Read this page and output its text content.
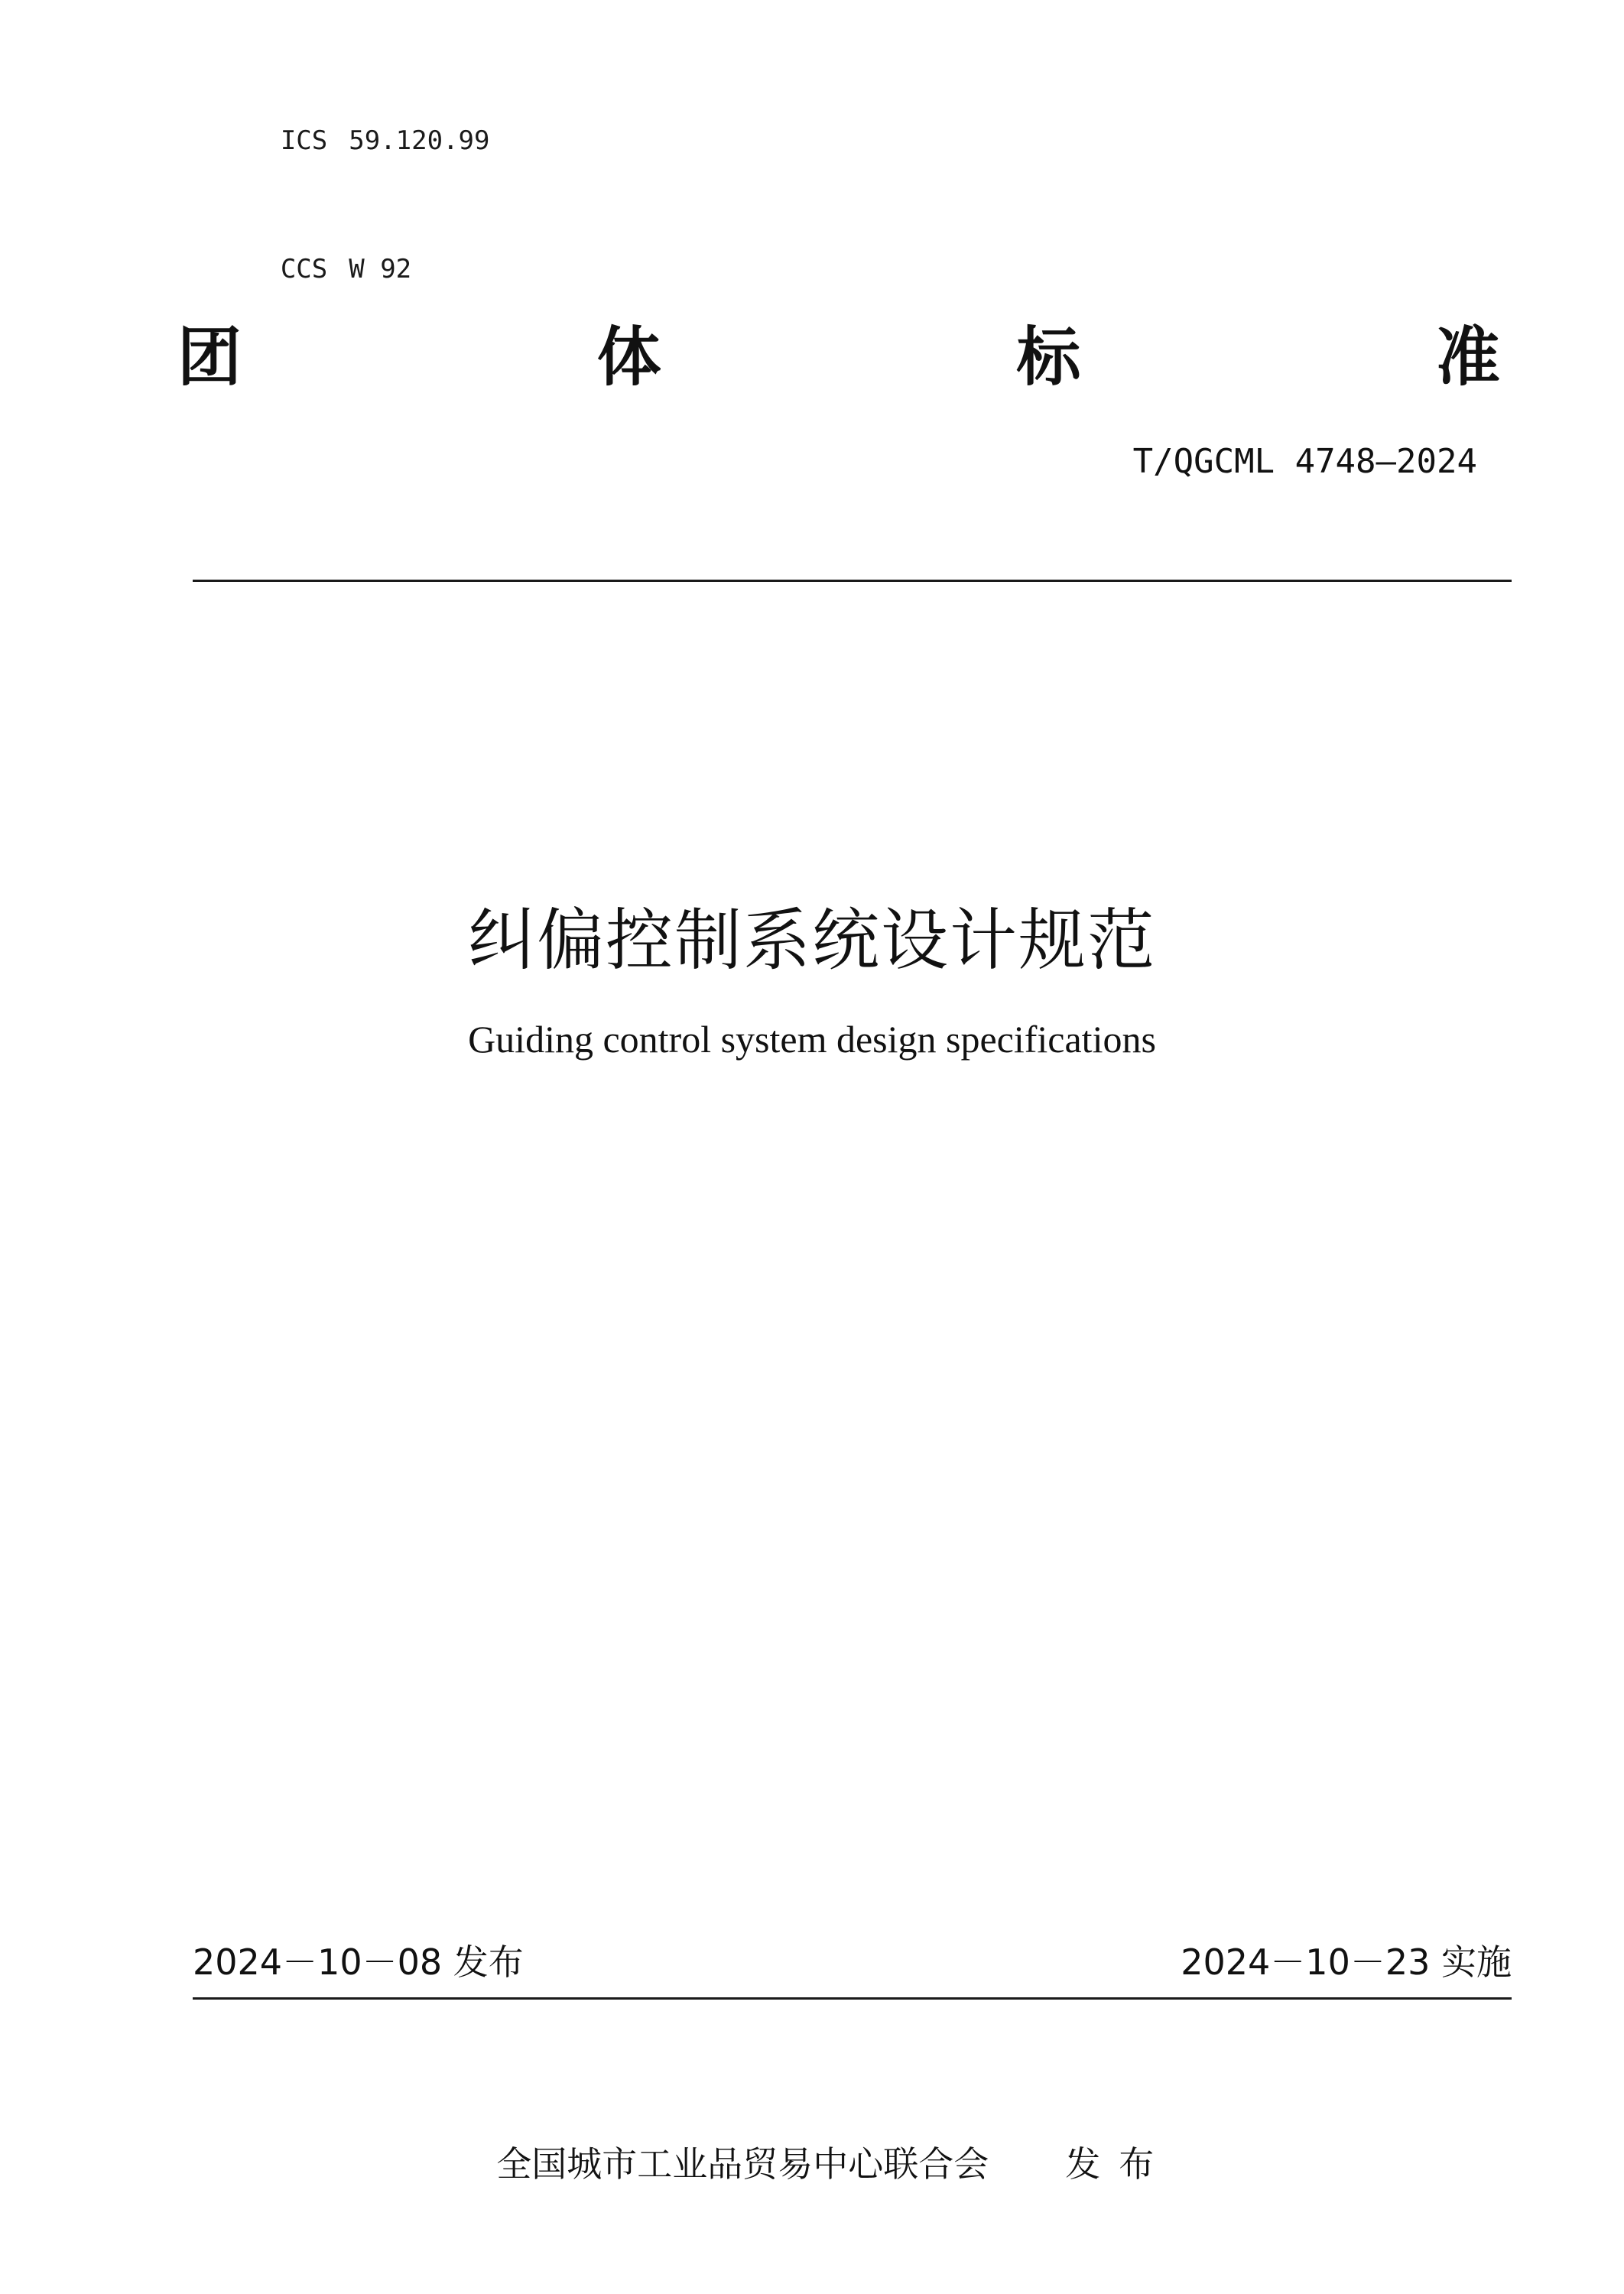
ICS 59.120.99

CCS W 92

团	体	标	准
T/QGCML 4748—2024
纠偏控制系统设计规范
Guiding control system design specifications
2024－10－08 发布	2024－10－23 实施

全国城市工业品贸易中心联合会 发布
